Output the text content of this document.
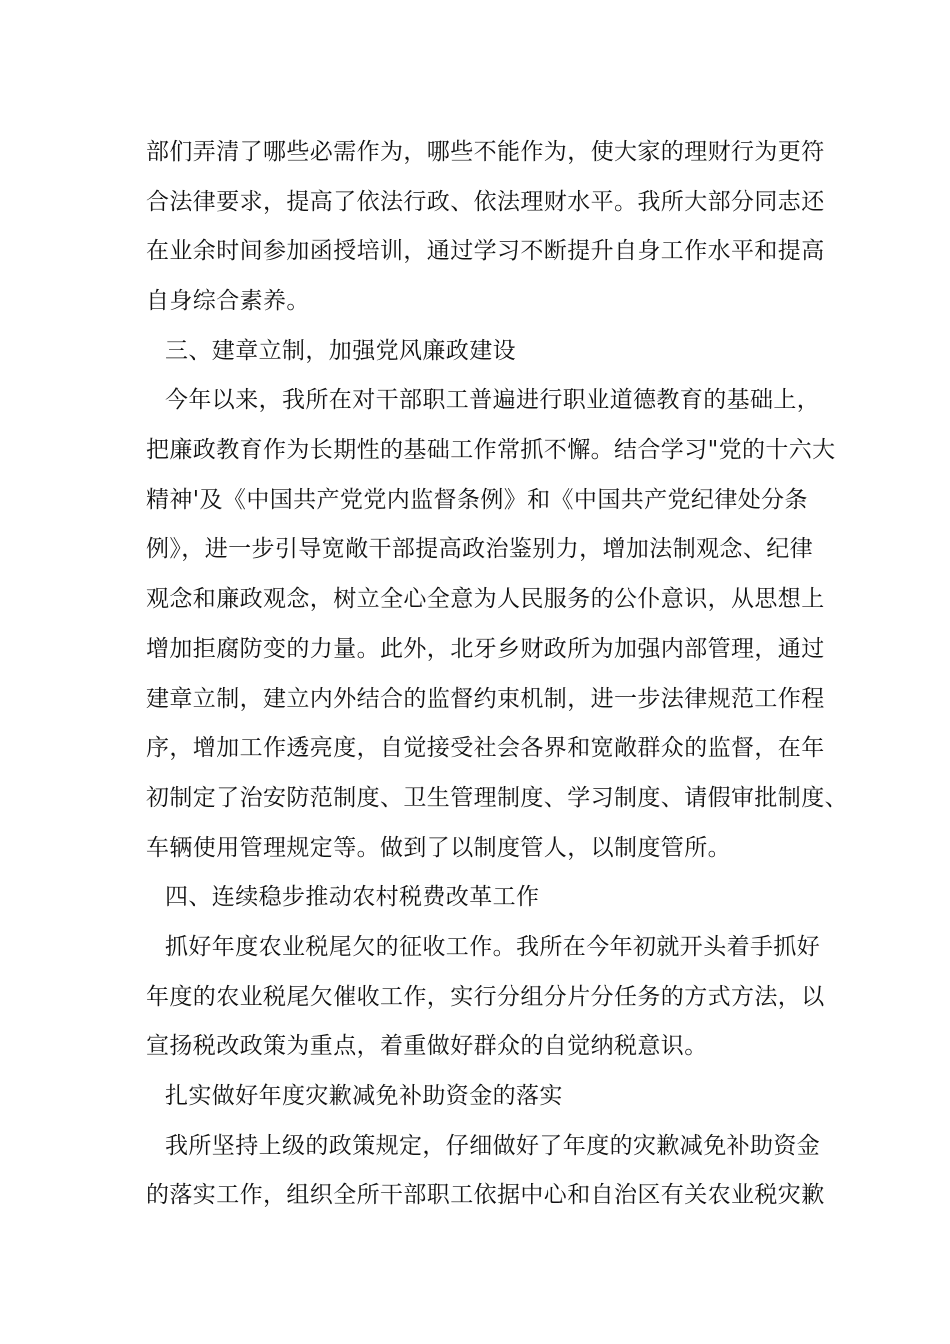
部们弄清了哪些必需作为，哪些不能作为，使大家的理财行为更符
合法律要求，提高了依法行政、依法理财水平。我所大部分同志还
在业余时间参加函授培训，通过学习不断提升自身工作水平和提高
自身综合素养。
三、建章立制，加强党风廉政建设
今年以来，我所在对干部职工普遍进行职业道德教育的基础上，
把廉政教育作为长期性的基础工作常抓不懈。结合学习"党的十六大
精神'及《中国共产党党内监督条例》和《中国共产党纪律处分条
例》，进一步引导宽敞干部提高政治鉴别力，增加法制观念、纪律
观念和廉政观念，树立全心全意为人民服务的公仆意识，从思想上
增加拒腐防变的力量。此外，北牙乡财政所为加强内部管理，通过
建章立制，建立内外结合的监督约束机制，进一步法律规范工作程
序，增加工作透亮度，自觉接受社会各界和宽敞群众的监督，在年
初制定了治安防范制度、卫生管理制度、学习制度、请假审批制度、
车辆使用管理规定等。做到了以制度管人，以制度管所。
四、连续稳步推动农村税费改革工作
抓好年度农业税尾欠的征收工作。我所在今年初就开头着手抓好
年度的农业税尾欠催收工作，实行分组分片分任务的方式方法，以
宣扬税改政策为重点，着重做好群众的自觉纳税意识。
扎实做好年度灾歉减免补助资金的落实
我所坚持上级的政策规定，仔细做好了年度的灾歉减免补助资金
的落实工作，组织全所干部职工依据中心和自治区有关农业税灾歉
